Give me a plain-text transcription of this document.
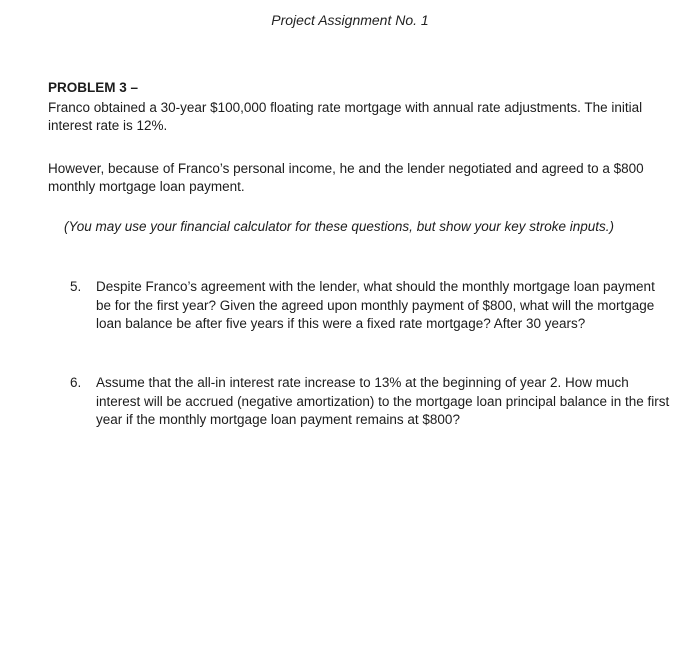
Project Assignment No. 1
PROBLEM 3 –
Franco obtained a 30-year $100,000 floating rate mortgage with annual rate adjustments. The initial interest rate is 12%.
However, because of Franco’s personal income, he and the lender negotiated and agreed to a $800 monthly mortgage loan payment.
(You may use your financial calculator for these questions, but show your key stroke inputs.)
5.	Despite Franco’s agreement with the lender, what should the monthly mortgage loan payment be for the first year? Given the agreed upon monthly payment of $800, what will the mortgage loan balance be after five years if this were a fixed rate mortgage? After 30 years?
6.	Assume that the all-in interest rate increase to 13% at the beginning of year 2. How much interest will be accrued (negative amortization) to the mortgage loan principal balance in the first year if the monthly mortgage loan payment remains at $800?
